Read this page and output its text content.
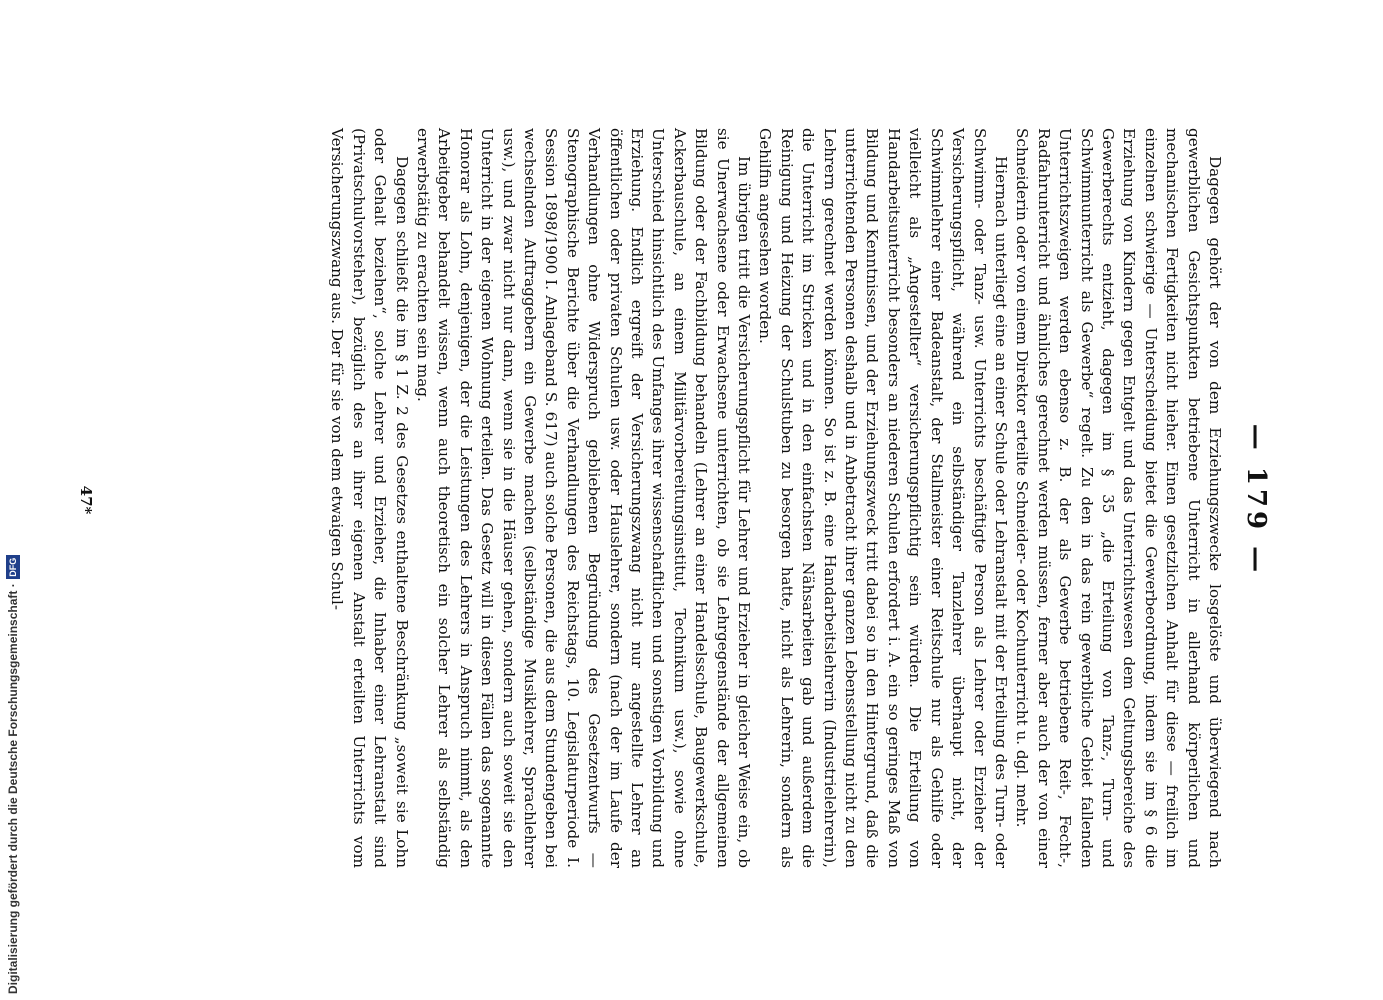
— 179 —

Dagegen gehört der von dem Erziehungszwecke losgelöste und überwiegend nach gewerblichen Gesichtspunkten betriebene Unterricht in allerhand körperlichen und mechanischen Fertigkeiten nicht hieher. Einen gesetzlichen Anhalt für diese — freilich im einzelnen schwierige — Unterscheidung bietet die Gewerbeordnung, indem sie im § 6 die Erziehung von Kindern gegen Entgelt und das Unterrichtswesen dem Geltungsbereiche des Gewerberechts entzieht, dagegen im § 35 „die Erteilung von Tanz-, Turn- und Schwimmunterricht als Gewerbe“ regelt. Zu den in das rein gewerbliche Gebiet fallenden Unterrichtszweigen werden ebenso z. B. der als Gewerbe betriebene Reit-, Fecht-, Radfahrunterricht und ähnliches gerechnet werden müssen, ferner aber auch der von einer Schneiderin oder von einem Direktor erteilte Schneider- oder Kochunterricht u. dgl. mehr.

Hiernach unterliegt eine an einer Schule oder Lehranstalt mit der Erteilung des Turn- oder Schwimm- oder Tanz- usw. Unterrichts beschäftigte Person als Lehrer oder Erzieher der Versicherungspflicht, während ein selbständiger Tanzlehrer überhaupt nicht, der Schwimmlehrer einer Badeanstalt, der Stallmeister einer Reitschule nur als Gehilfe oder vielleicht als „Angestellter“ versicherungspflichtig sein würden. Die Erteilung von Handarbeitsunterricht besonders an niederen Schulen erfordert i. A. ein so geringes Maß von Bildung und Kenntnissen, und der Erziehungszweck tritt dabei so in den Hintergrund, daß die unterrichtenden Personen deshalb und in Anbetracht ihrer ganzen Lebensstellung nicht zu den Lehrern gerechnet werden können. So ist z. B. eine Handarbeitslehrerin (Industrielehrerin), die Unterricht im Stricken und in den einfachsten Nähsarbeiten gab und außerdem die Reinigung und Heizung der Schulstuben zu besorgen hatte, nicht als Lehrerin, sondern als Gehilfin angesehen worden.

Im übrigen tritt die Versicherungspflicht für Lehrer und Erzieher in gleicher Weise ein, ob sie Unerwachsene oder Erwachsene unterrichten, ob sie Lehrgegenstände der allgemeinen Bildung oder der Fachbildung behandeln (Lehrer an einer Handelsschule, Baugewerkschule, Ackerbauschule, an einem Militärvorbereitungsinstitut, Technikum usw.), sowie ohne Unterschied hinsichtlich des Umfanges ihrer wissenschaftlichen und sonstigen Vorbildung und Erziehung. Endlich ergreift der Versicherungszwang nicht nur angestellte Lehrer an öffentlichen oder privaten Schulen usw. oder Hauslehrer, sondern (nach der im Laufe der Verhandlungen ohne Widerspruch gebliebenen Begründung des Gesetzentwurfs — Stenographische Berichte über die Verhandlungen des Reichstags, 10. Legislaturperiode I. Session 1898/1900 I. Anlageband S. 617) auch solche Personen, die aus dem Stundengeben bei wechselnden Auftraggebern ein Gewerbe machen (selbständige Musiklehrer, Sprachlehrer usw.), und zwar nicht nur dann, wenn sie in die Häuser gehen, sondern auch soweit sie den Unterricht in der eigenen Wohnung erteilen. Das Gesetz will in diesen Fällen das sogenannte Honorar als Lohn, denjenigen, der die Leistungen des Lehrers in Anspruch nimmt, als den Arbeitgeber behandelt wissen, wenn auch theoretisch ein solcher Lehrer als selbständig erwerbstätig zu erachten sein mag.

Dagegen schließt die im § 1 Z. 2 des Gesetzes enthaltene Beschränkung „soweit sie Lohn oder Gehalt beziehen“, solche Lehrer und Erzieher, die Inhaber einer Lehranstalt sind (Privatschulvorsteher), bezüglich des an ihrer eigenen Anstalt erteilten Unterrichts vom Versicherungszwang aus. Der für sie von dem etwaigen Schul-

47*
Digitalisierung gefördert durch die Deutsche Forschungsgemeinschaft ·
DFG
